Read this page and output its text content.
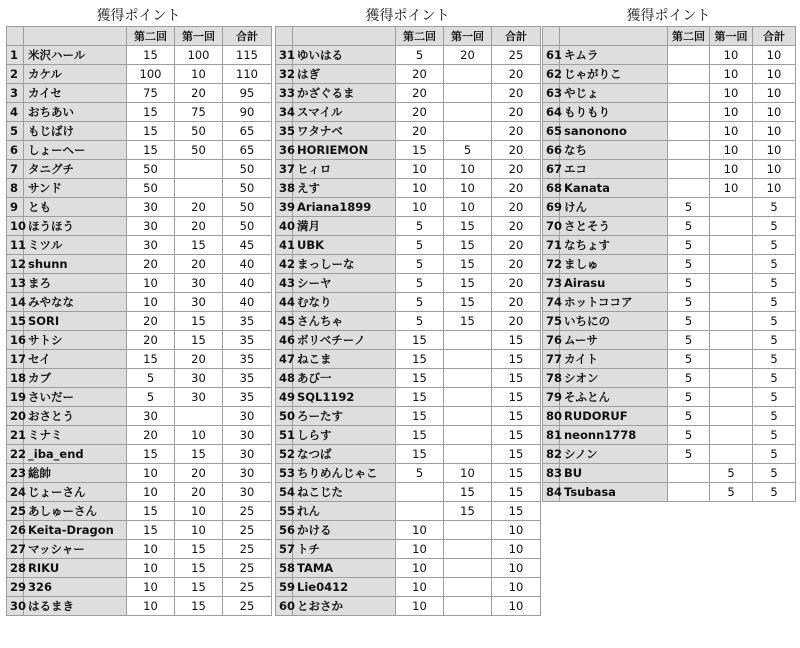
獲得ポイント
		第二回	第一回	合計
1	米沢ハール	15	100	115
2	カケル	100	10	110
3	カイセ	75	20	95
4	おちあい	15	75	90
5	もじばけ	15	50	65
6	しょーへー	15	50	65
7	タニグチ	50		50
8	サンド	50		50
9	とも	30	20	50
10	ほうほう	30	20	50
11	ミツル	30	15	45
12	shunn	20	20	40
13	まろ	10	30	40
14	みやなな	10	30	40
15	SORI	20	15	35
16	サトシ	20	15	35
17	セイ	15	20	35
18	カブ	5	30	35
19	さいだー	5	30	35
20	おさとう	30		30
21	ミナミ	20	10	30
22	_iba_end	15	15	30
23	総帥	10	20	30
24	じょーさん	10	20	30
25	あしゅーさん	15	10	25
26	Keita-Dragon	15	10	25
27	マッシャー	10	15	25
28	RIKU	10	15	25
29	326	10	15	25
30	はるまき	10	15	25
獲得ポイント
		第二回	第一回	合計
31	ゆいはる	5	20	25
32	はぎ	20		20
33	かざぐるま	20		20
34	スマイル	20		20
35	ワタナベ	20		20
36	HORIEMON	15	5	20
37	ヒィロ	10	10	20
38	えす	10	10	20
39	Ariana1899	10	10	20
40	満月	5	15	20
41	UBK	5	15	20
42	まっしーな	5	15	20
43	シーヤ	5	15	20
44	むなり	5	15	20
45	さんちゃ	5	15	20
46	ボリベチーノ	15		15
47	ねこま	15		15
48	あび一	15		15
49	SQL1192	15		15
50	ろーたす	15		15
51	しらす	15		15
52	なつば	15		15
53	ちりめんじゃこ	5	10	15
54	ねこじた		15	15
55	れん		15	15
56	かける	10		10
57	トチ	10		10
58	TAMA	10		10
59	Lie0412	10		10
60	とおさか	10		10
獲得ポイント
		第二回	第一回	合計
61	キムラ		10	10
62	じゃがりこ		10	10
63	やじょ		10	10
64	もりもり		10	10
65	sanonono		10	10
66	なち		10	10
67	エコ		10	10
68	Kanata		10	10
69	けん	5		5
70	さとそう	5		5
71	なちょす	5		5
72	ましゅ	5		5
73	Airasu	5		5
74	ホットココア	5		5
75	いちにの	5		5
76	ムーサ	5		5
77	カイト	5		5
78	シオン	5		5
79	そふとん	5		5
80	RUDORUF	5		5
81	neonn1778	5		5
82	シノン	5		5
83	BU		5	5
84	Tsubasa		5	5
